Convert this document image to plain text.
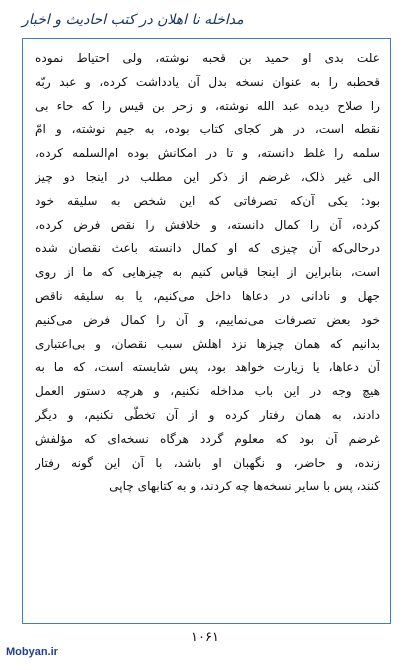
مداخله نا اهلان در کتب احادیث و اخبار
علت بدی او حمید بن قحبه نوشته، ولی احتیاط نموده
قحطبه را به عنوان نسخه بدل آن یادداشت کرده، و عبد ربّه
را صلاح دیده عبد الله نوشته، و زحر بن قیس را که حاء بی
نقطه است، در هر کجای کتاب بوده، به جیم نوشته، و امّ
سلمه را غلط دانسته، و تا در امکانش بوده ام‌السلمه کرده،
الی غیر ذلک، غرضم از ذکر این مطلب در اینجا دو چیز
بود: یکی آن‌که تصرفاتی که این شخص به سلیقه خود
کرده، آن را کمال دانسته، و خلافش را نقص فرض کرده،
درحالی‌که آن چیزی که او کمال دانسته باعث نقصان شده
است، بنابراین از اینجا قیاس کنیم به چیزهایی که ما از روی
جهل و نادانی در دعاها داخل می‌کنیم، یا به سلیقه ناقص
خود بعض تصرفات می‌نماییم، و آن را کمال فرض می‌کنیم
بدانیم که همان چیزها نزد اهلش سبب نقصان، و بی‌اعتباری
آن دعاها، یا زیارت خواهد بود، پس شایسته است، که ما به
هیچ وجه در این باب مداخله نکنیم، و هرچه دستور العمل
دادند، به همان رفتار کرده و از آن تخطّی نکنیم، و دیگر
غرضم آن بود که معلوم گردد هرگاه نسخه‌ای که مؤلفش
زنده، و حاضر، و نگهبان او باشد، با آن این گونه رفتار
کنند، پس با سایر نسخه‌ها چه کردند، و به کتابهای چاپی
۱۰۶۱
Mobyan.ir
